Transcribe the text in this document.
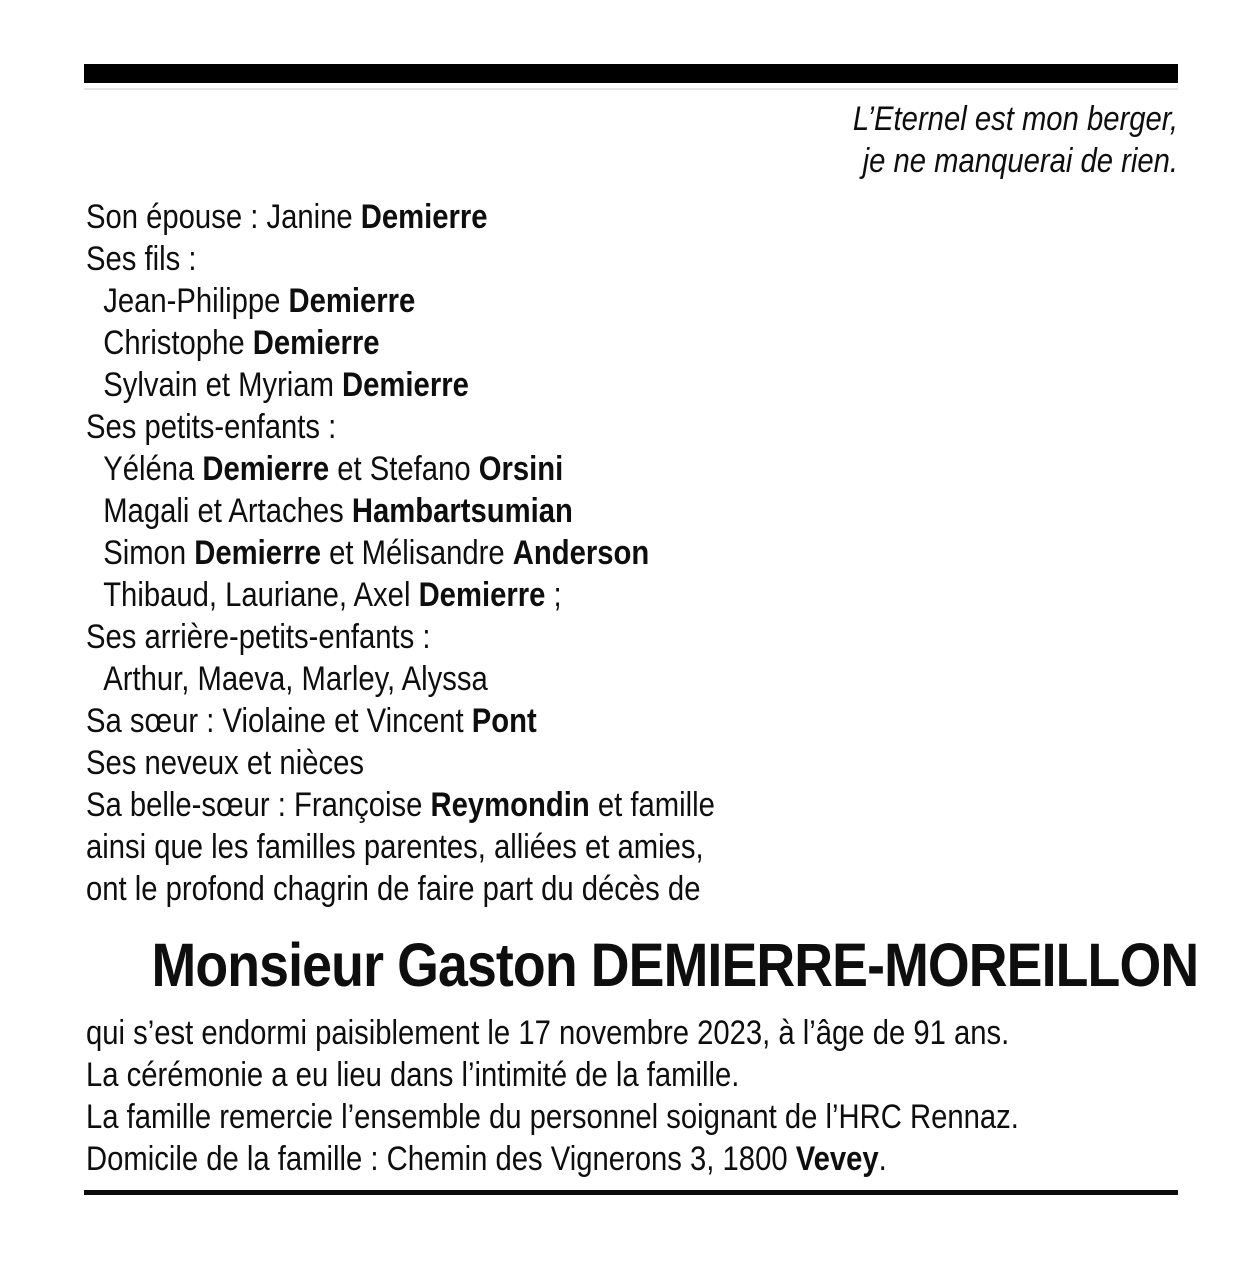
L’Eternel est mon berger,
je ne manquerai de rien.
Son épouse : Janine Demierre
Ses fils :
Jean-Philippe Demierre
Christophe Demierre
Sylvain et Myriam Demierre
Ses petits-enfants :
Yéléna Demierre et Stefano Orsini
Magali et Artaches Hambartsumian
Simon Demierre et Mélisandre Anderson
Thibaud, Lauriane, Axel Demierre ;
Ses arrière-petits-enfants :
Arthur, Maeva, Marley, Alyssa
Sa sœur : Violaine et Vincent Pont
Ses neveux et nièces
Sa belle-sœur : Françoise Reymondin et famille
ainsi que les familles parentes, alliées et amies,
ont le profond chagrin de faire part du décès de
Monsieur Gaston DEMIERRE-MOREILLON
qui s’est endormi paisiblement le 17 novembre 2023, à l’âge de 91 ans.
La cérémonie a eu lieu dans l’intimité de la famille.
La famille remercie l’ensemble du personnel soignant de l’HRC Rennaz.
Domicile de la famille : Chemin des Vignerons 3, 1800 Vevey.
